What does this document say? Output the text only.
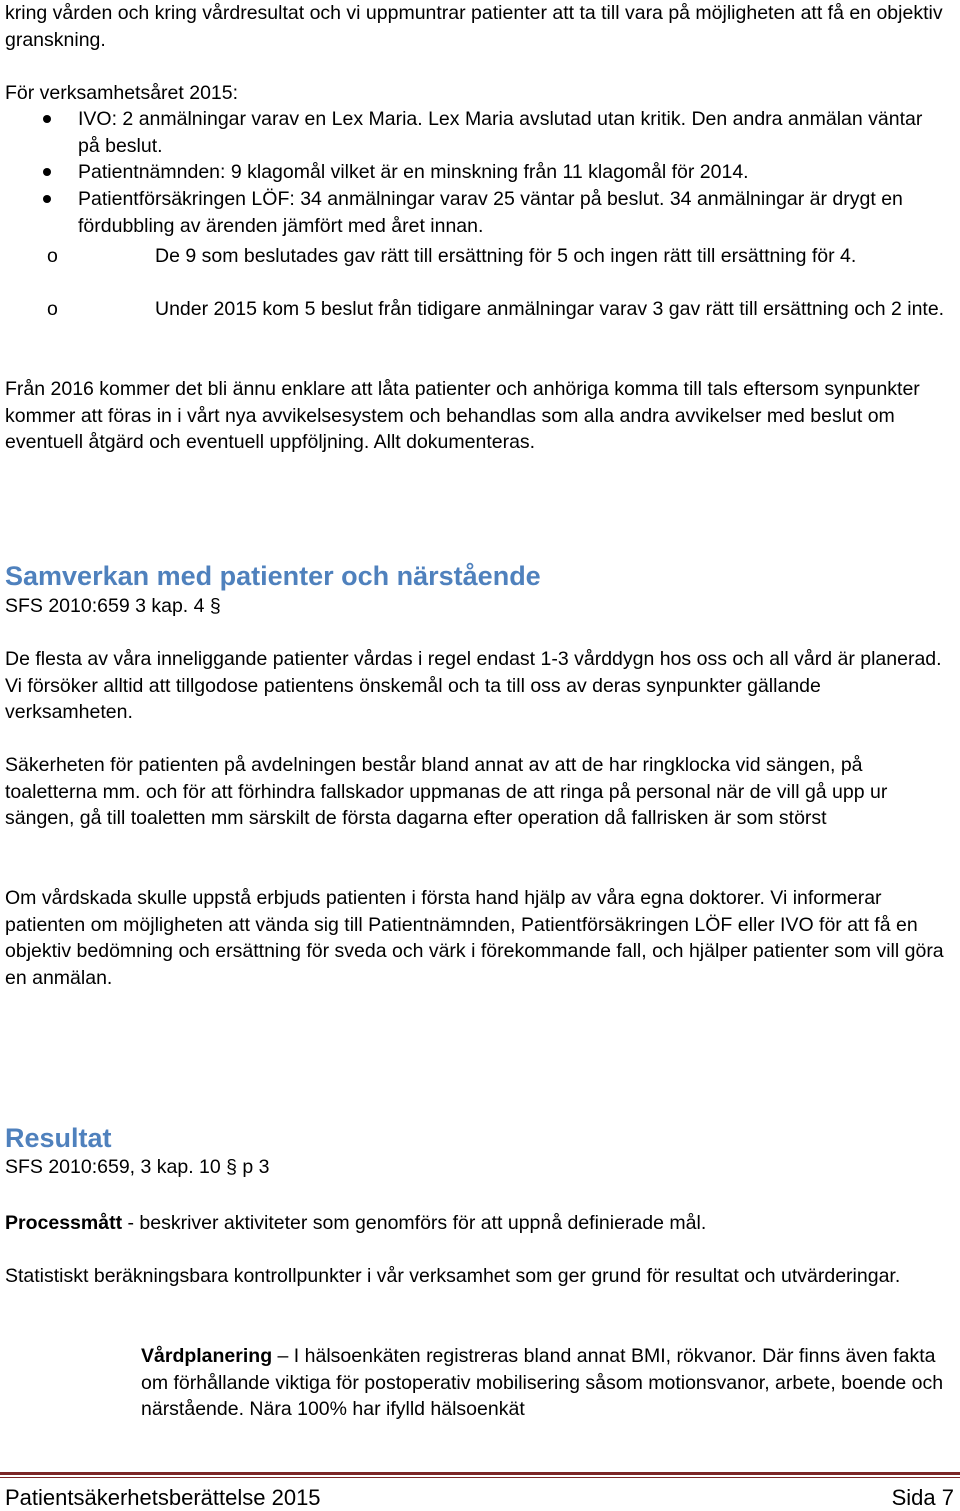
kring vården och kring vårdresultat och vi uppmuntrar patienter att ta till vara på möjligheten att få en objektiv granskning.

För verksamhetsåret 2015:

IVO: 2 anmälningar varav en Lex Maria. Lex Maria avslutad utan kritik. Den andra anmälan väntar på beslut.

Patientnämnden: 9 klagomål vilket är en minskning från 11 klagomål för 2014.

Patientförsäkringen LÖF: 34 anmälningar varav 25 väntar på beslut. 34 anmälningar är drygt en fördubbling av ärenden jämfört med året innan.

o	De 9 som beslutades gav rätt till ersättning för 5 och ingen rätt till ersättning för 4.

o	Under 2015 kom 5 beslut från tidigare anmälningar varav 3 gav rätt till ersättning och 2 inte.

Från 2016 kommer det bli ännu enklare att låta patienter och anhöriga komma till tals eftersom synpunkter kommer att föras in i vårt nya avvikelsesystem och behandlas som alla andra avvikelser med beslut om eventuell åtgärd och eventuell uppföljning. Allt dokumenteras.

Samverkan med patienter och närstående

SFS 2010:659 3 kap. 4 §

De flesta av våra inneliggande patienter vårdas i regel endast 1-3 vårddygn hos oss och all vård är planerad. Vi försöker alltid att tillgodose patientens önskemål och ta till oss av deras synpunkter gällande verksamheten.

Säkerheten för patienten på avdelningen består bland annat av att de har ringklocka vid sängen, på toaletterna mm. och för att förhindra fallskador uppmanas de att ringa på personal när de vill gå upp ur sängen, gå till toaletten mm särskilt de första dagarna efter operation då fallrisken är som störst

Om vårdskada skulle uppstå erbjuds patienten i första hand hjälp av våra egna doktorer. Vi informerar patienten om möjligheten att vända sig till Patientnämnden, Patientförsäkringen LÖF eller IVO för att få en objektiv bedömning och ersättning för sveda och värk i förekommande fall, och hjälper patienter som vill göra en anmälan.

Resultat

SFS 2010:659, 3 kap. 10 § p 3

Processmått - beskriver aktiviteter som genomförs för att uppnå definierade mål.

Statistiskt beräkningsbara kontrollpunkter i vår verksamhet som ger grund för resultat och utvärderingar.

Vårdplanering – I hälsoenkäten registreras bland annat BMI, rökvanor. Där finns även fakta om förhållande viktiga för postoperativ mobilisering såsom motionsvanor, arbete, boende och närstående. Nära 100% har ifylld hälsoenkät

Patientsäkerhetsberättelse 2015	Sida 7
